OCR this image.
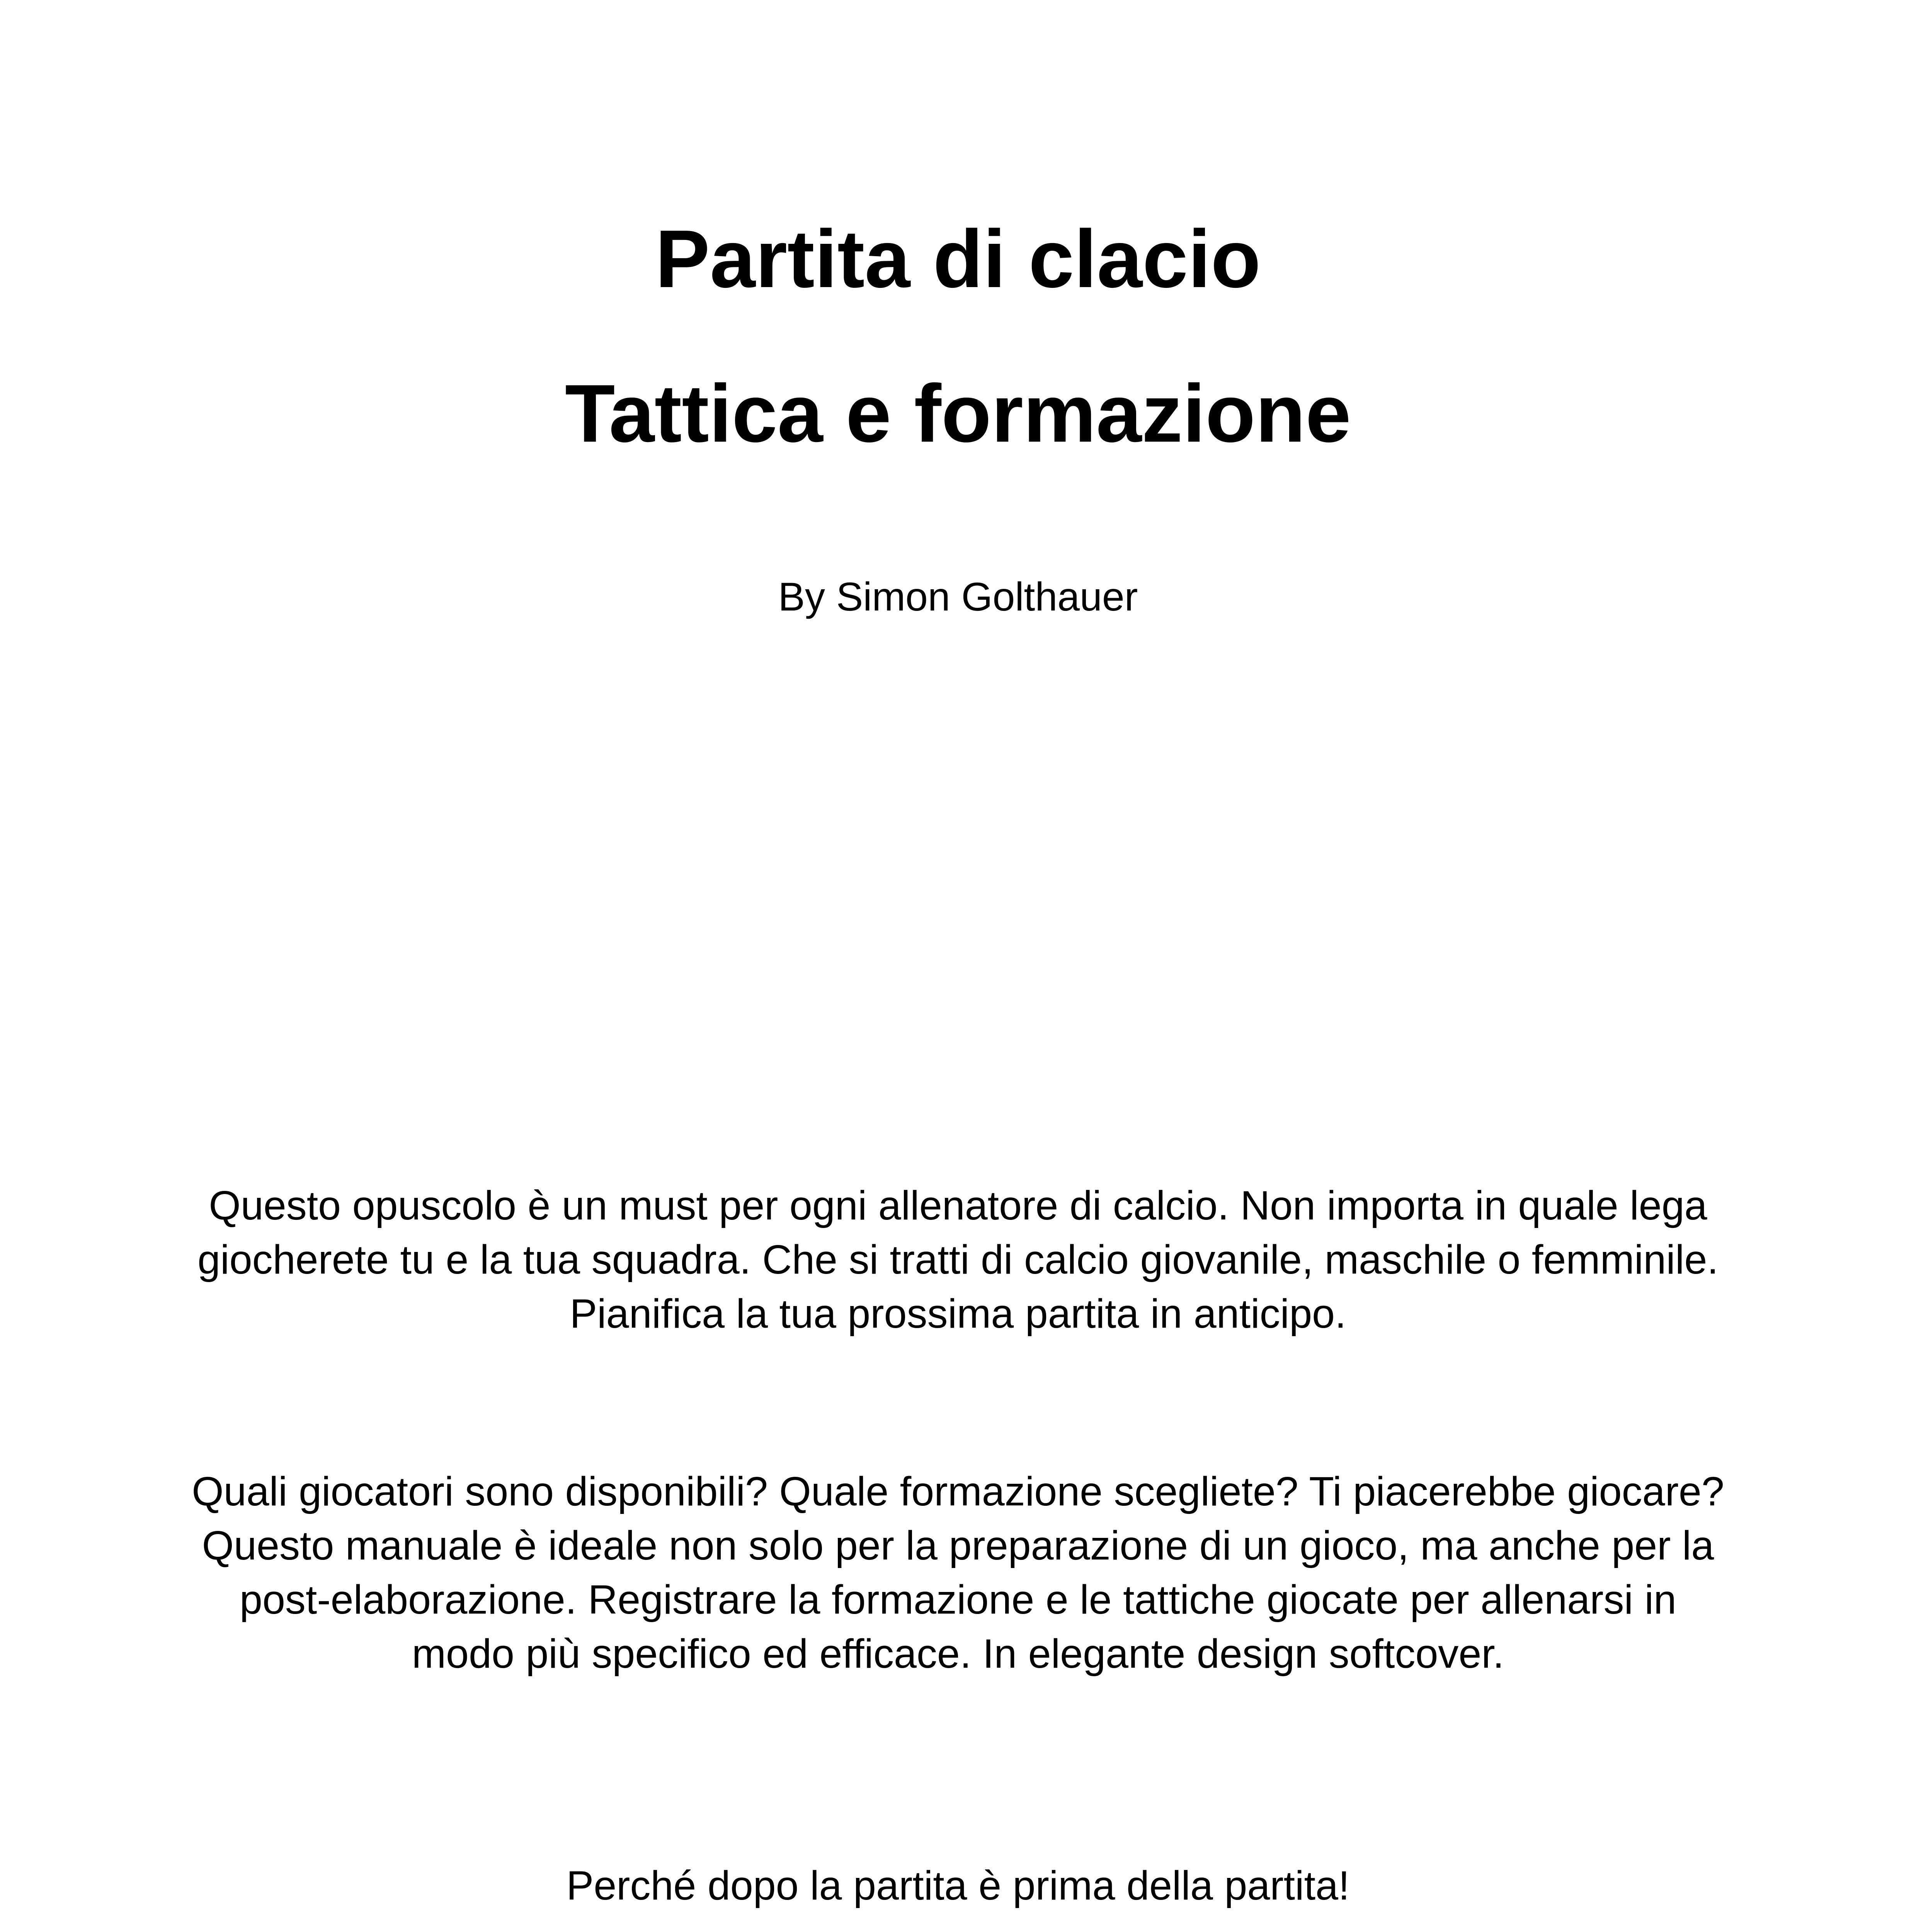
Partita di clacio
Tattica e formazione

By Simon Golthauer

Questo opuscolo è un must per ogni allenatore di calcio. Non importa in quale lega giocherete tu e la tua squadra. Che si tratti di calcio giovanile, maschile o femminile. Pianifica la tua prossima partita in anticipo.

Quali giocatori sono disponibili? Quale formazione scegliete? Ti piacerebbe giocare? Questo manuale è ideale non solo per la preparazione di un gioco, ma anche per la post-elaborazione. Registrare la formazione e le tattiche giocate per allenarsi in modo più specifico ed efficace. In elegante design softcover.

Perché dopo la partita è prima della partita!
